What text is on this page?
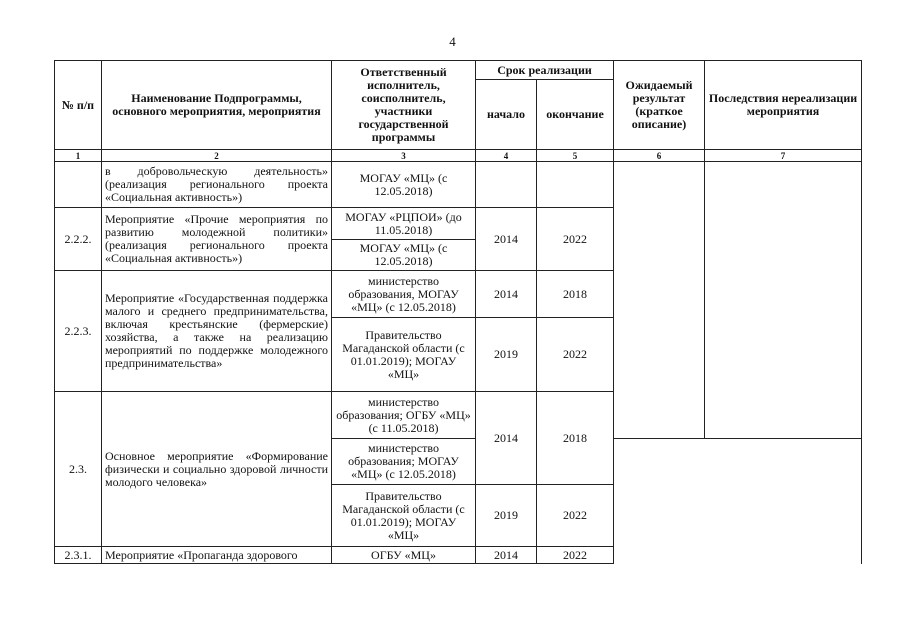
4
№ п/п	Наименование Подпрограммы, основного мероприятия, мероприятия	Ответственный исполнитель, соисполнитель, участники государственной программы	Срок реализации		Ожидаемый результат (краткое описание)	Последствия нереализации мероприятия	
			начало	окончание			
1	2	3	4	5	6	7	
	в добровольческую деятельность» (реализация регионального проекта «Социальная активность»)	МОГАУ «МЦ» (с 12.05.2018)					
2.2.2.	Мероприятие «Прочие мероприятия по развитию молодежной политики» (реализация регионального проекта «Социальная активность»)	МОГАУ «РЦПОИ» (до 11.05.2018)	2014	2022			
		МОГАУ «МЦ» (с 12.05.2018)					
2.2.3.	Мероприятие «Государственная поддержка малого и среднего предпринимательства, включая крестьянские (фермерские) хозяйства, а также на реализацию мероприятий по поддержке молодежного предпринимательства»	министерство образования, МОГАУ «МЦ» (с 12.05.2018)	2014	2018			
		Правительство Магаданской области (с 01.01.2019); МОГАУ «МЦ»	2019	2022			
2.3.	Основное мероприятие «Формирование физически и социально здоровой личности молодого человека»	министерство образования; ОГБУ «МЦ» (с 11.05.2018)	2014	2018		
		министерство образования; МОГАУ «МЦ» (с 12.05.2018)					
		Правительство Магаданской области (с 01.01.2019); МОГАУ «МЦ»	2019	2022			
2.3.1.	Мероприятие «Пропаганда здорового	ОГБУ «МЦ»	2014	2022			
